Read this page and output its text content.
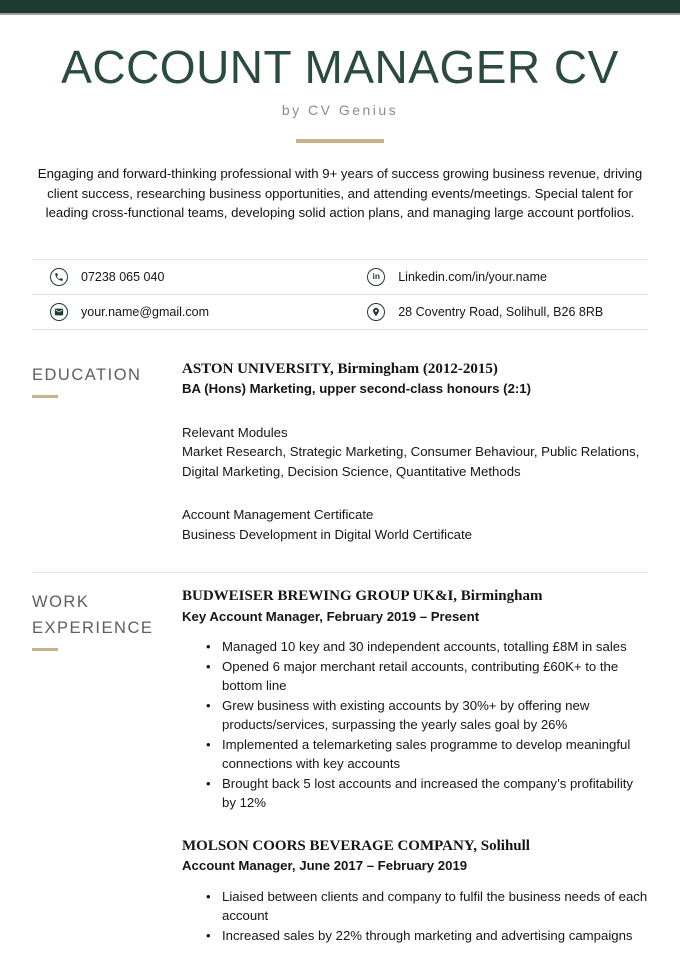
ACCOUNT MANAGER CV
by CV Genius
Engaging and forward-thinking professional with 9+ years of success growing business revenue, driving client success, researching business opportunities, and attending events/meetings. Special talent for leading cross-functional teams, developing solid action plans, and managing large account portfolios.
07238 065 040	in Linkedin.com/in/your.name
your.name@gmail.com	28 Coventry Road, Solihull, B26 8RB
EDUCATION	ASTON UNIVERSITY, Birmingham (2012-2015)
BA (Hons) Marketing, upper second-class honours (2:1)
Relevant Modules
Market Research, Strategic Marketing, Consumer Behaviour, Public Relations, Digital Marketing, Decision Science, Quantitative Methods
Account Management Certificate
Business Development in Digital World Certificate
WORK EXPERIENCE
BUDWEISER BREWING GROUP UK&I, Birmingham
Key Account Manager, February 2019 – Present
• Managed 10 key and 30 independent accounts, totalling £8M in sales
• Opened 6 major merchant retail accounts, contributing £60K+ to the bottom line
• Grew business with existing accounts by 30%+ by offering new products/services, surpassing the yearly sales goal by 26%
• Implemented a telemarketing sales programme to develop meaningful connections with key accounts
• Brought back 5 lost accounts and increased the company’s profitability by 12%
MOLSON COORS BEVERAGE COMPANY, Solihull
Account Manager, June 2017 – February 2019
• Liaised between clients and company to fulfil the business needs of each account
• Increased sales by 22% through marketing and advertising campaigns
